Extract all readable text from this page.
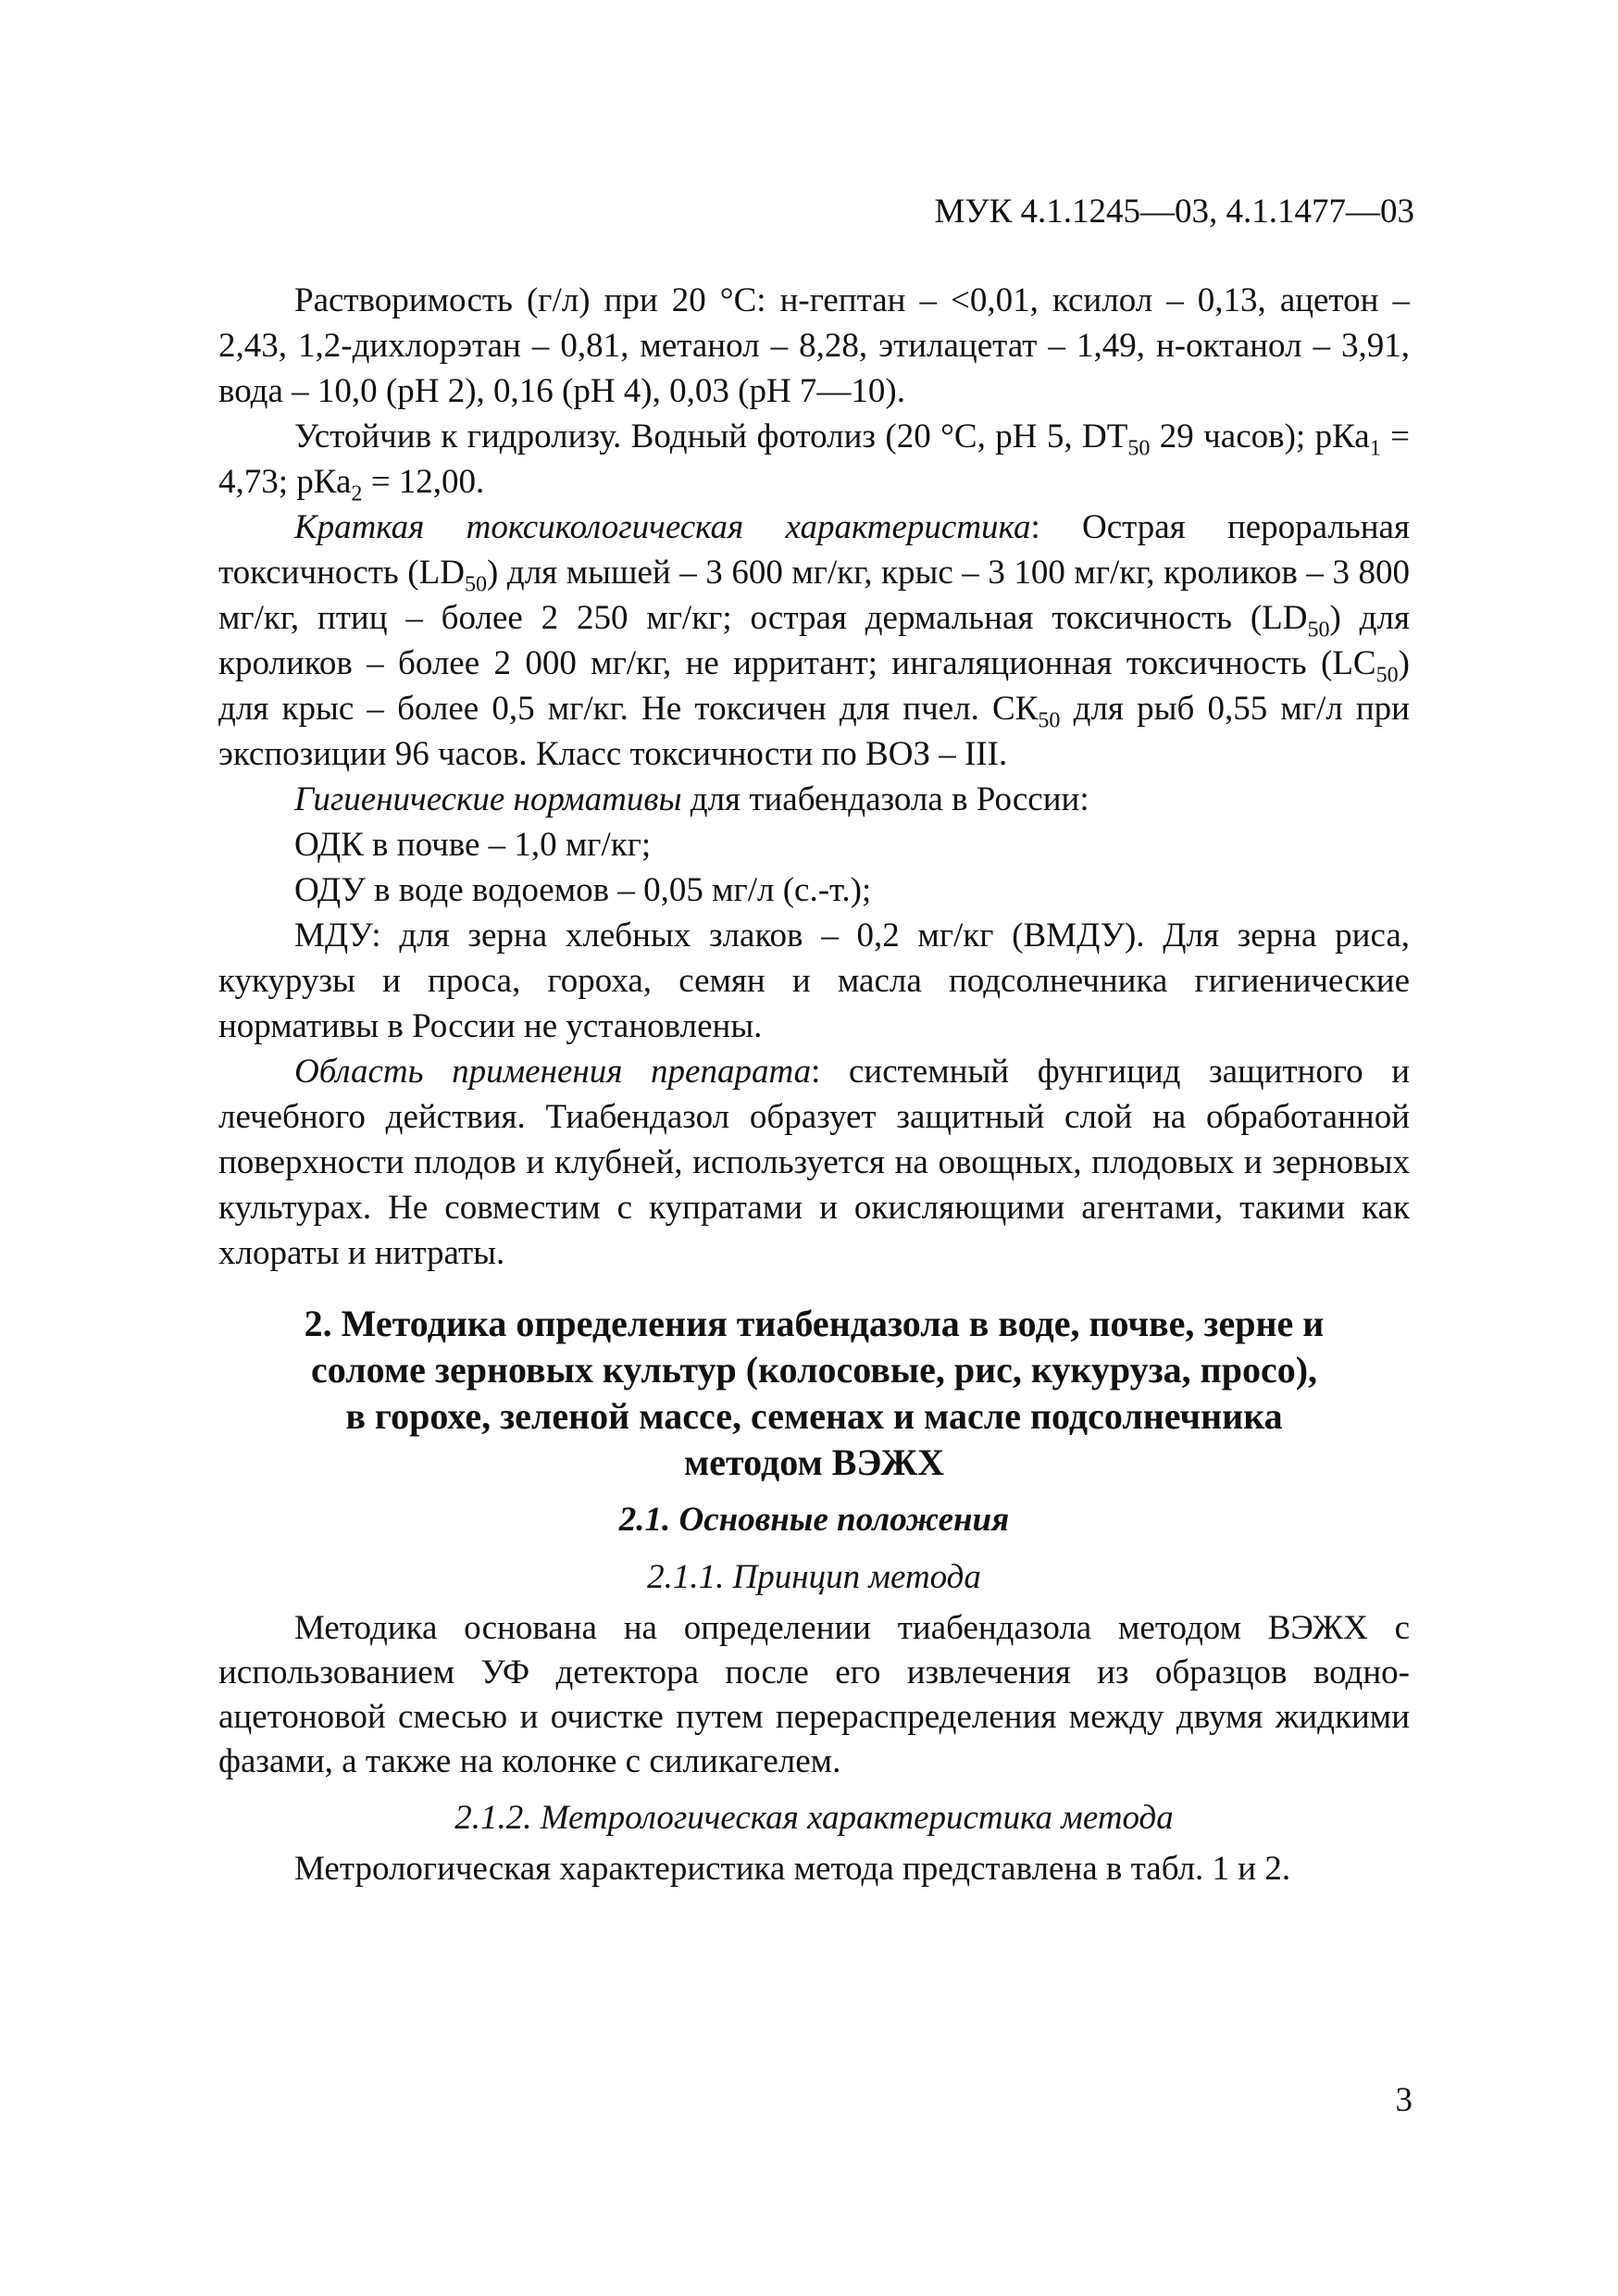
МУК 4.1.1245—03, 4.1.1477—03

Растворимость (г/л) при 20 °С: н-гептан – <0,01, ксилол – 0,13, ацетон – 2,43, 1,2-дихлорэтан – 0,81, метанол – 8,28, этилацетат – 1,49, н-октанол – 3,91, вода – 10,0 (рН 2), 0,16 (рН 4), 0,03 (рН 7—10).

Устойчив к гидролизу. Водный фотолиз (20 °С, рН 5, $DT_{50}$ 29 часов); рКа$_1$ = 4,73; рКа$_2$ = 12,00.

Краткая токсикологическая характеристика: Острая пероральная токсичность $(LD_{50})$ для мышей – 3 600 мг/кг, крыс – 3 100 мг/кг, кроликов – 3 800 мг/кг, птиц – более 2 250 мг/кг; острая дермальная токсичность $(LD_{50})$ для кроликов – более 2 000 мг/кг, не ирритант; ингаляционная токсичность $(LC_{50})$ для крыс – более 0,5 мг/кг. Не токсичен для пчел. $СК_{50}$ для рыб 0,55 мг/л при экспозиции 96 часов. Класс токсичности по ВОЗ – III.

Гигиенические нормативы для тиабендазола в России:

ОДК в почве – 1,0 мг/кг;

ОДУ в воде водоемов – 0,05 мг/л (с.-т.);

МДУ: для зерна хлебных злаков – 0,2 мг/кг (ВМДУ). Для зерна риса, кукурузы и проса, гороха, семян и масла подсолнечника гигиенические нормативы в России не установлены.

Область применения препарата: системный фунгицид защитного и лечебного действия. Тиабендазол образует защитный слой на обработанной поверхности плодов и клубней, используется на овощных, плодовых и зерновых культурах. Не совместим с купратами и окисляющими агентами, такими как хлораты и нитраты.

2. Методика определения тиабендазола в воде, почве, зерне и
соломе зерновых культур (колосовые, рис, кукуруза, просо),
в горохе, зеленой массе, семенах и масле подсолнечника
методом ВЭЖХ
2.1. Основные положения
2.1.1. Принцип метода

Методика основана на определении тиабендазола методом ВЭЖХ с использованием УФ детектора после его извлечения из образцов водно-ацетоновой смесью и очистке путем перераспределения между двумя жидкими фазами, а также на колонке с силикагелем.

2.1.2. Метрологическая характеристика метода

Метрологическая характеристика метода представлена в табл. 1 и 2.

3
